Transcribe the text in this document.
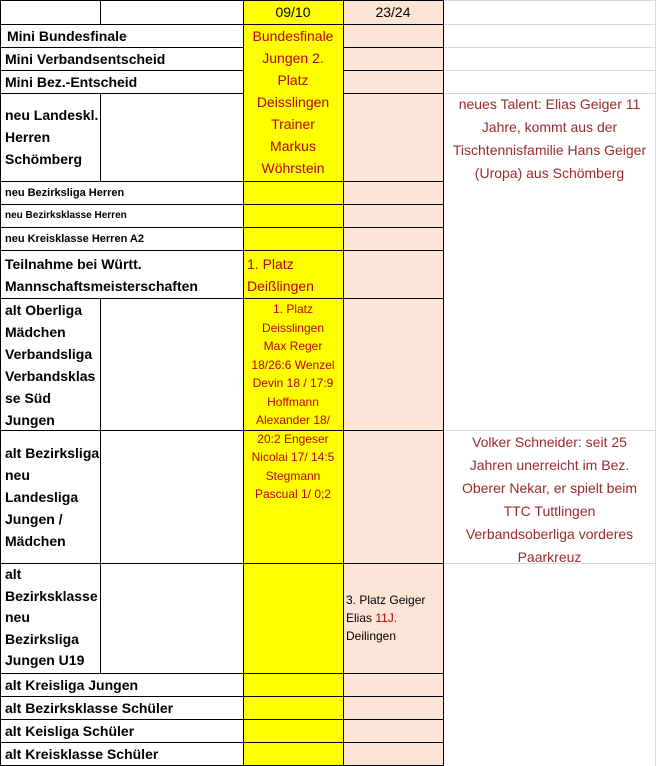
09/10	23/24
Mini Bundesfinale
Mini Verbandsentscheid
Mini Bez.-Entscheid
neu Landeskl.
Herren
Schömberg
neu Bezirksliga Herren
neu Bezirksklasse Herren
neu Kreisklasse Herren A2
Teilnahme bei Württ.
Mannschaftsmeisterschaften
alt Oberliga
Mädchen
Verbandsliga
Verbandsklas
se Süd
Jungen
alt Bezirksliga
neu
Landesliga
Jungen /
Mädchen
alt
Bezirksklasse
neu
Bezirksliga
Jungen U19
alt Kreisliga Jungen
alt Bezirksklasse Schüler
alt Keisliga Schüler
alt Kreisklasse Schüler
Bundesfinale
Jungen 2.
Platz
Deisslingen
Trainer
Markus
Wöhrstein
1. Platz
Deißlingen
1. Platz
Deisslingen
Max Reger
18/26:6 Wenzel
Devin 18 / 17:9
Hoffmann
Alexander 18/
20:2 Engeser
Nicolai 17/ 14:5
Stegmann
Pascual 1/ 0;2
3. Platz Geiger
Elias 11J.
Deilingen
neues Talent: Elias Geiger 11
Jahre, kommt aus der
Tischtennisfamilie Hans Geiger
(Uropa) aus Schömberg
Volker Schneider: seit 25
Jahren unerreicht im Bez.
Oberer Nekar, er spielt beim
TTC Tuttlingen
Verbandsoberliga vorderes
Paarkreuz
